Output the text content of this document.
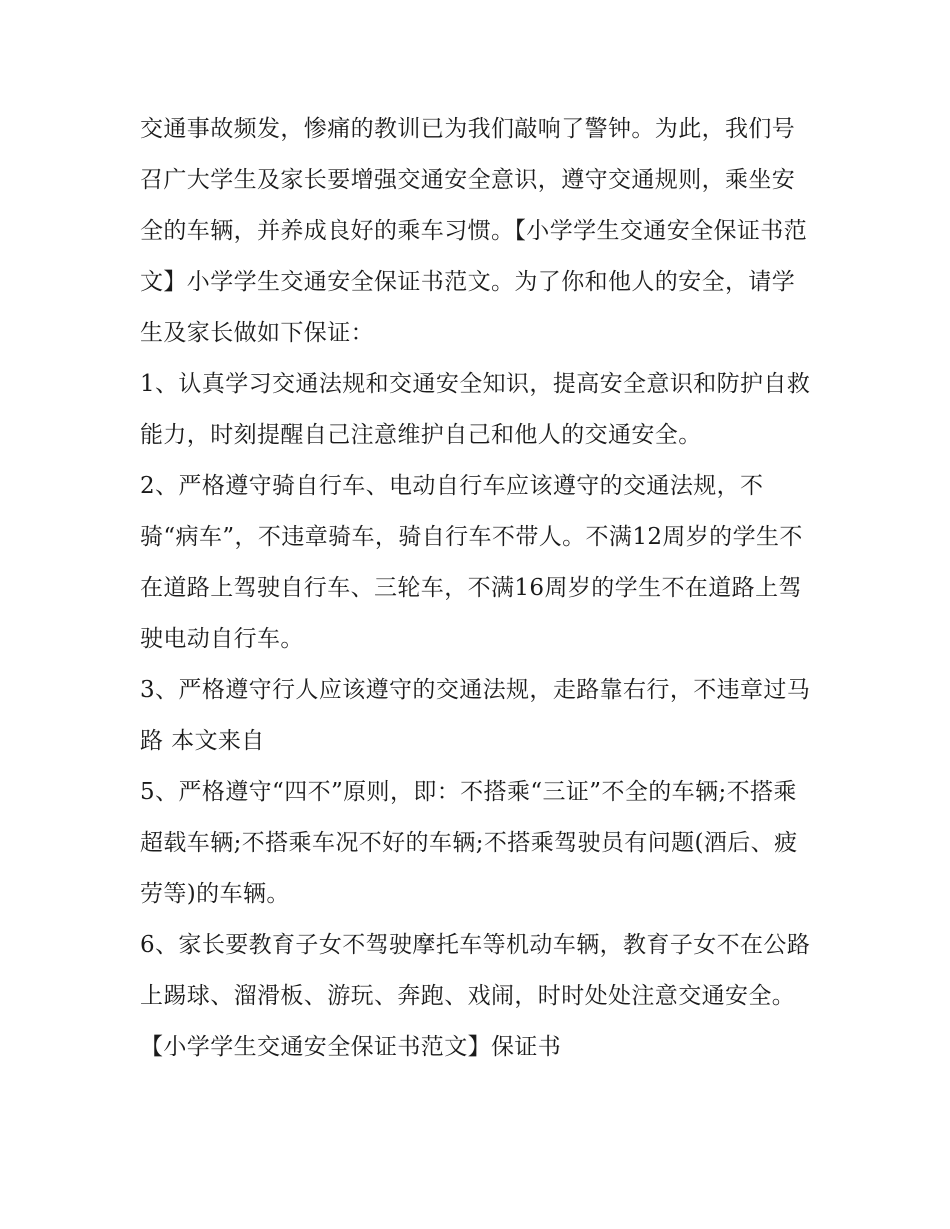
交通事故频发，惨痛的教训已为我们敲响了警钟。为此，我们号召广大学生及家长要增强交通安全意识，遵守交通规则，乘坐安全的车辆，并养成良好的乘车习惯。【小学学生交通安全保证书范文】小学学生交通安全保证书范文。为了你和他人的安全，请学生及家长做如下保证：

1、认真学习交通法规和交通安全知识，提高安全意识和防护自救能力，时刻提醒自己注意维护自己和他人的交通安全。

2、严格遵守骑自行车、电动自行车应该遵守的交通法规，不骑“病车”，不违章骑车，骑自行车不带人。不满12周岁的学生不在道路上驾驶自行车、三轮车，不满16周岁的学生不在道路上驾驶电动自行车。

3、严格遵守行人应该遵守的交通法规，走路靠右行，不违章过马路 本文来自

5、严格遵守“四不”原则，即：不搭乘“三证”不全的车辆;不搭乘超载车辆;不搭乘车况不好的车辆;不搭乘驾驶员有问题(酒后、疲劳等)的车辆。

6、家长要教育子女不驾驶摩托车等机动车辆，教育子女不在公路上踢球、溜滑板、游玩、奔跑、戏闹，时时处处注意交通安全。【小学学生交通安全保证书范文】保证书
